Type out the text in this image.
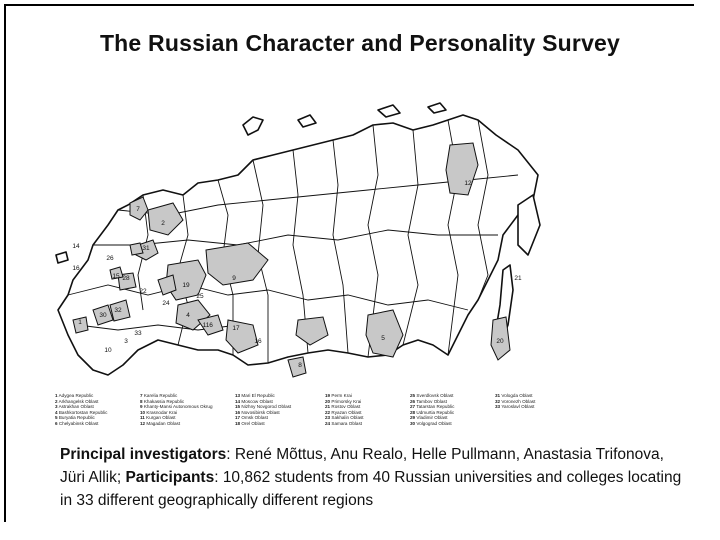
The Russian Character and Personality Survey
7
2
12
9
19
25
4
6	17
11
16
8
5	20
21
31
14
16
28
15
30
32
1
10
3
22
24
26
33
1 Adygea Republic
2 Arkhangelsk Oblast
3 Astrakhan Oblast
4 Bashkortostan Republic
5 Buryatia Republic
6 Chelyabinsk Oblast
7 Karelia Republic
8 Khakassia Republic
9 Khanty-Mansi Autonomous Okrug
10 Krasnodar Krai
11 Kurgan Oblast
12 Magadan Oblast
13 Mari El Republic
14 Moscow Oblast
15 Nizhny Novgorod Oblast
16 Novosibirsk Oblast
17 Omsk Oblast
18 Orel Oblast
19 Perm Krai
20 Primorsky Krai
21 Rostov Oblast
22 Ryazan Oblast
23 Sakhalin Oblast
24 Samara Oblast
25 Sverdlovsk Oblast
26 Tambov Oblast
27 Tatarstan Republic
28 Udmurtia Republic
29 Vladimir Oblast
30 Volgograd Oblast
31 Vologda Oblast
32 Voronezh Oblast
33 Yaroslavl Oblast
Principal investigators: René Mõttus, Anu Realo, Helle Pullmann, Anastasia Trifonova, Jüri Allik; Participants: 10,862 students from 40 Russian universities and colleges locating in 33 different geographically different regions
